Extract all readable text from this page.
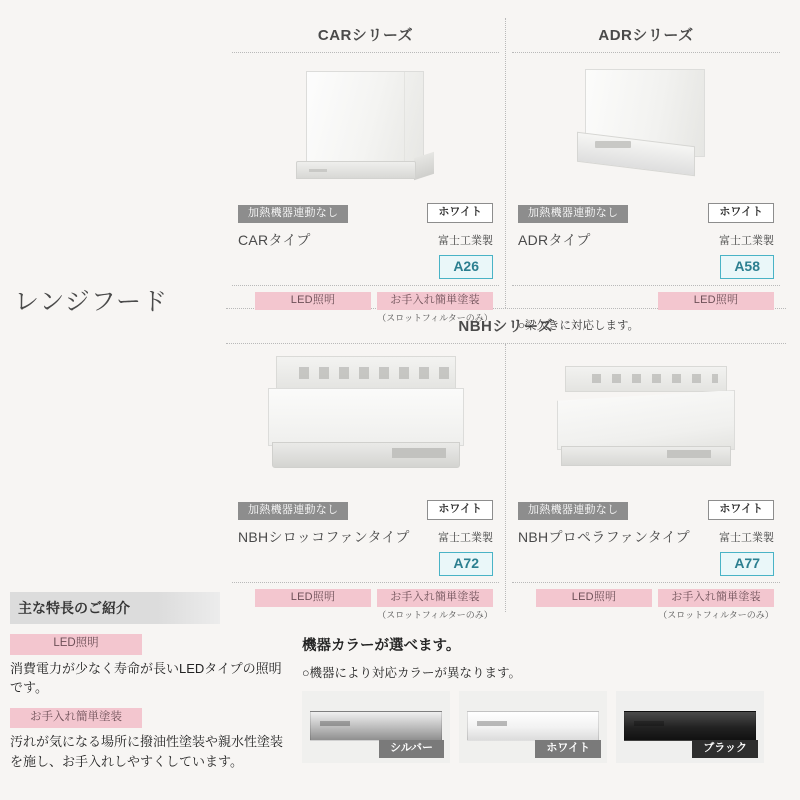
レンジフード
CARシリーズ
加熱機器連動なし	ホワイト
CARタイプ	富士工業製
A26
LED照明	お手入れ簡単塗装
（スロットフィルターのみ）
ADRシリーズ
加熱機器連動なし	ホワイト
ADRタイプ	富士工業製
A58
LED照明
○梁欠きに対応します。
NBHシリーズ
加熱機器連動なし	ホワイト
NBHシロッコファンタイプ	富士工業製
A72
LED照明	お手入れ簡単塗装
（スロットフィルターのみ）
加熱機器連動なし	ホワイト
NBHプロペラファンタイプ	富士工業製
A77
LED照明	お手入れ簡単塗装
（スロットフィルターのみ）
主な特長のご紹介
LED照明
消費電力が少なく寿命が長いLEDタイプの照明です。
お手入れ簡単塗装
汚れが気になる場所に撥油性塗装や親水性塗装を施し、お手入れしやすくしています。
機器カラーが選べます。
○機器により対応カラーが異なります。
シルバー	ホワイト	ブラック
